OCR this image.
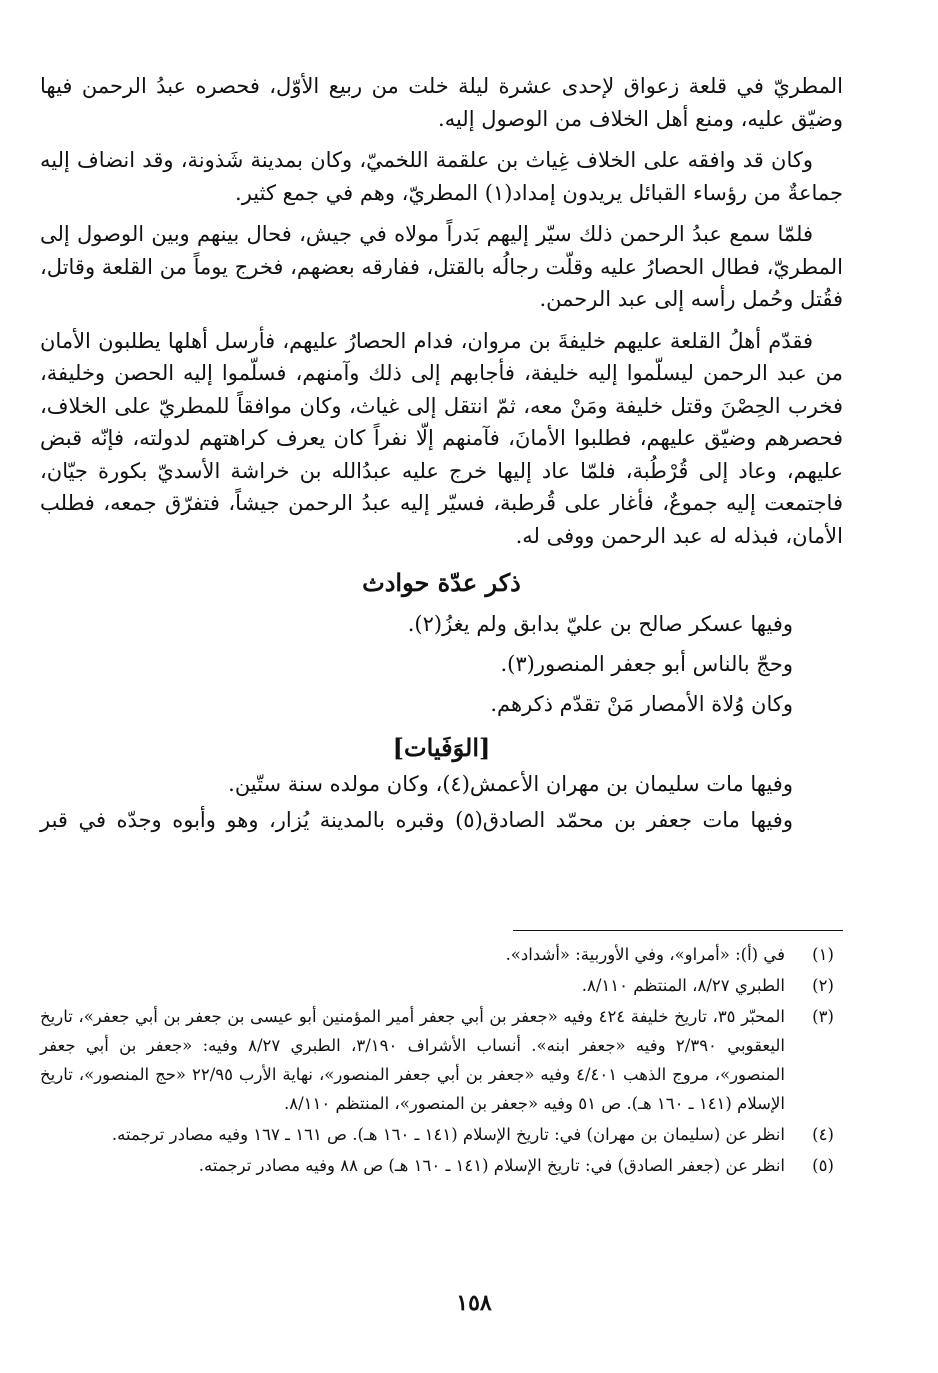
المطريّ في قلعة زعواق لإحدى عشرة ليلة خلت من ربيع الأوّل، فحصره عبدُ الرحمن فيها وضيّق عليه، ومنع أهل الخلاف من الوصول إليه.

وكان قد وافقه على الخلاف غِياث بن علقمة اللخميّ، وكان بمدينة شَذونة، وقد انضاف إليه جماعةٌ من رؤساء القبائل يريدون إمداد(١) المطريّ، وهم في جمع كثير.

فلمّا سمع عبدُ الرحمن ذلك سيّر إليهم بَدراً مولاه في جيش، فحال بينهم وبين الوصول إلى المطريّ، فطال الحصارُ عليه وقلّت رجالُه بالقتل، ففارقه بعضهم، فخرج يوماً من القلعة وقاتل، فقُتل وحُمل رأسه إلى عبد الرحمن.

فقدّم أهلُ القلعة عليهم خليفةَ بن مروان، فدام الحصارُ عليهم، فأرسل أهلها يطلبون الأمان من عبد الرحمن ليسلّموا إليه خليفة، فأجابهم إلى ذلك وآمنهم، فسلّموا إليه الحصن وخليفة، فخرب الحِصْنَ وقتل خليفة ومَنْ معه، ثمّ انتقل إلى غياث، وكان موافقاً للمطريّ على الخلاف، فحصرهم وضيّق عليهم، فطلبوا الأمانَ، فآمنهم إلّا نفراً كان يعرف كراهتهم لدولته، فإنّه قبض عليهم، وعاد إلى قُرْطُبة، فلمّا عاد إليها خرج عليه عبدُالله بن خراشة الأسديّ بكورة جيّان، فاجتمعت إليه جموعٌ، فأغار على قُرطبة، فسيّر إليه عبدُ الرحمن جيشاً، فتفرّق جمعه، فطلب الأمان، فبذله له عبد الرحمن ووفى له.

ذكر عدّة حوادث

وفيها عسكر صالح بن عليّ بدابق ولم يغزُ(٢).

وحجّ بالناس أبو جعفر المنصور(٣).

وكان وُلاة الأمصار مَنْ تقدّم ذكرهم.

[الوَفَيات]

وفيها مات سليمان بن مهران الأعمش(٤)، وكان مولده سنة ستّين.

وفيها مات جعفر بن محمّد الصادق(٥) وقبره بالمدينة يُزار، وهو وأبوه وجدّه في قبر

(١)
في (أ): «أمراو»، وفي الأوربية: «أشداد».
(٢)
الطبري ٨/٢٧، المنتظم ٨/١١٠.
(٣)
المحبّر ٣٥، تاريخ خليفة ٤٢٤ وفيه «جعفر بن أبي جعفر أمير المؤمنين أبو عيسى بن جعفر بن أبي جعفر»، تاريخ اليعقوبي ٢/٣٩٠ وفيه «جعفر ابنه». أنساب الأشراف ٣/١٩٠، الطبري ٨/٢٧ وفيه: «جعفر بن أبي جعفر المنصور»، مروج الذهب ٤/٤٠١ وفيه «جعفر بن أبي جعفر المنصور»، نهاية الأرب ٢٢/٩٥ «حج المنصور»، تاريخ الإسلام (١٤١ ـ ١٦٠ هـ). ص ٥١ وفيه «جعفر بن المنصور»، المنتظم ٨/١١٠.
(٤)
انظر عن (سليمان بن مهران) في: تاريخ الإسلام (١٤١ ـ ١٦٠ هـ). ص ١٦١ ـ ١٦٧ وفيه مصادر ترجمته.
(٥)
انظر عن (جعفر الصادق) في: تاريخ الإسلام (١٤١ ـ ١٦٠ هـ) ص ٨٨ وفيه مصادر ترجمته.
١٥٨
